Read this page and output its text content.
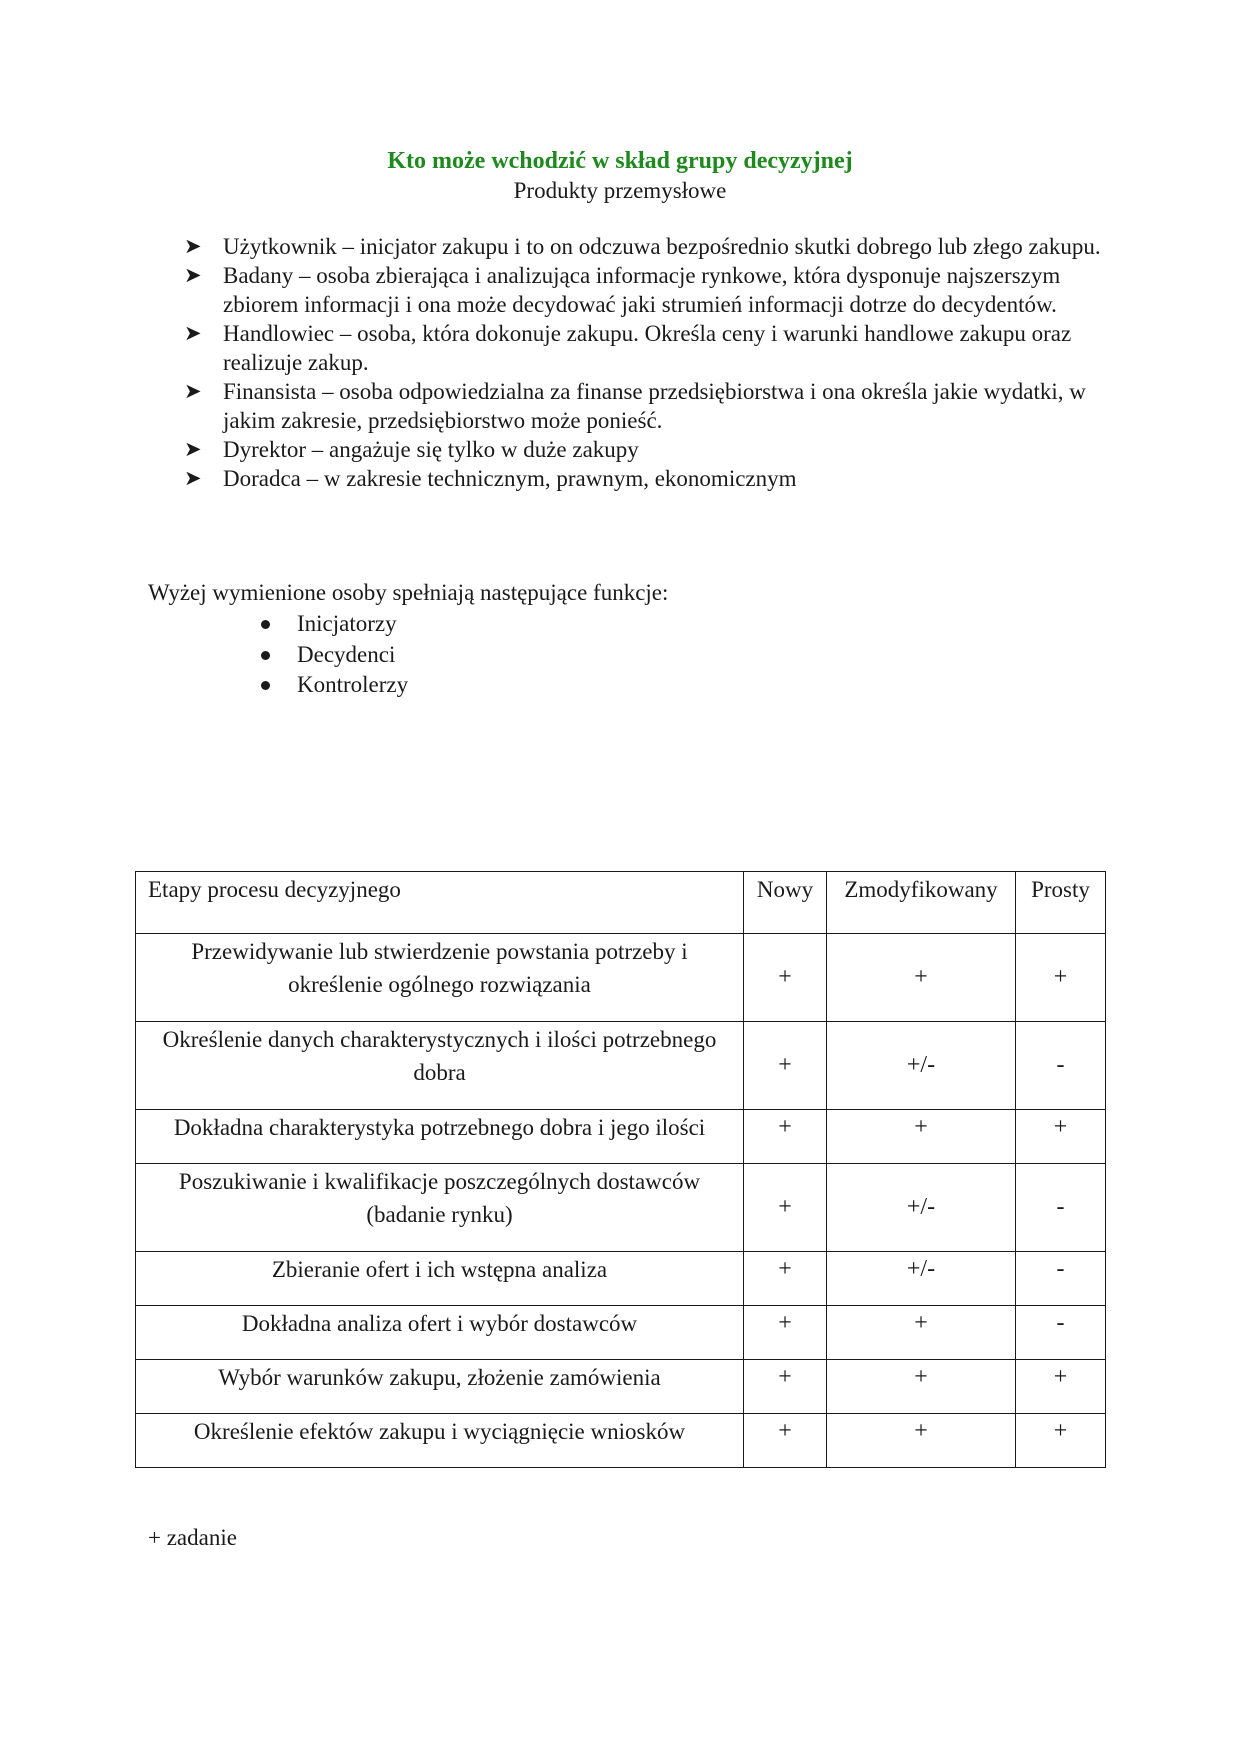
Kto może wchodzić w skład grupy decyzyjnej
Produkty przemysłowe
➤ Użytkownik – inicjator zakupu i to on odczuwa bezpośrednio skutki dobrego lub złego zakupu.
➤ Badany – osoba zbierająca i analizująca informacje rynkowe, która dysponuje najszerszym zbiorem informacji i ona może decydować jaki strumień informacji dotrze do decydentów.
➤ Handlowiec – osoba, która dokonuje zakupu. Określa ceny i warunki handlowe zakupu oraz realizuje zakup.
➤ Finansista – osoba odpowiedzialna za finanse przedsiębiorstwa i ona określa jakie wydatki, w jakim zakresie, przedsiębiorstwo może ponieść.
➤ Dyrektor – angażuje się tylko w duże zakupy
➤ Doradca – w zakresie technicznym, prawnym, ekonomicznym
Wyżej wymienione osoby spełniają następujące funkcje:
Inicjatorzy
Decydenci
Kontrolerzy
Etapy procesu decyzyjnego	Nowy	Zmodyfikowany	Prosty
Przewidywanie lub stwierdzenie powstania potrzeby i określenie ogólnego rozwiązania	+	+	+
Określenie danych charakterystycznych i ilości potrzebnego dobra	+	+/-	-
Dokładna charakterystyka potrzebnego dobra i jego ilości	+	+	+
Poszukiwanie i kwalifikacje poszczególnych dostawców (badanie rynku)	+	+/-	-
Zbieranie ofert i ich wstępna analiza	+	+/-	-
Dokładna analiza ofert i wybór dostawców	+	+	-
Wybór warunków zakupu, złożenie zamówienia	+	+	+
Określenie efektów zakupu i wyciągnięcie wniosków	+	+	+
+ zadanie
